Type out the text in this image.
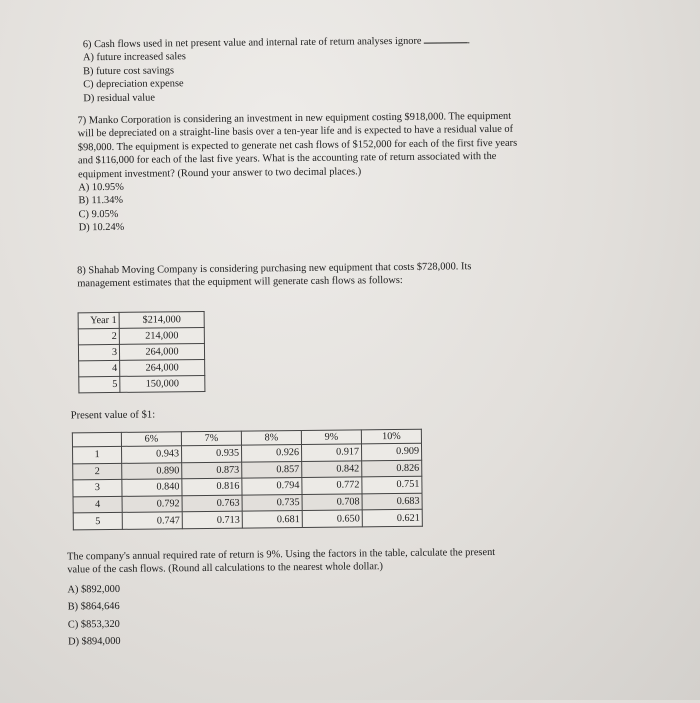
6) Cash flows used in net present value and internal rate of return analyses ignore	.

A) future increased sales

B) future cost savings

C) depreciation expense

D) residual value

7) Manko Corporation is considering an investment in new equipment costing $918,000. The equipment

will be depreciated on a straight-line basis over a ten-year life and is expected to have a residual value of

$98,000. The equipment is expected to generate net cash flows of $152,000 for each of the first five years

and $116,000 for each of the last five years. What is the accounting rate of return associated with the

equipment investment? (Round your answer to two decimal places.)

A) 10.95%

B) 11.34%

C) 9.05%

D) 10.24%

8) Shahab Moving Company is considering purchasing new equipment that costs $728,000. Its

management estimates that the equipment will generate cash flows as follows:

Year 1	$214,000
2	214,000
3	264,000
4	264,000
5	150,000
Present value of $1:
	6%	7%	8%	9%	10%
1	0.943	0.935	0.926	0.917	0.909
2	0.890	0.873	0.857	0.842	0.826
3	0.840	0.816	0.794	0.772	0.751
4	0.792	0.763	0.735	0.708	0.683
5	0.747	0.713	0.681	0.650	0.621

The company's annual required rate of return is 9%. Using the factors in the table, calculate the present

value of the cash flows. (Round all calculations to the nearest whole dollar.)

A) $892,000

B) $864,646

C) $853,320

D) $894,000
